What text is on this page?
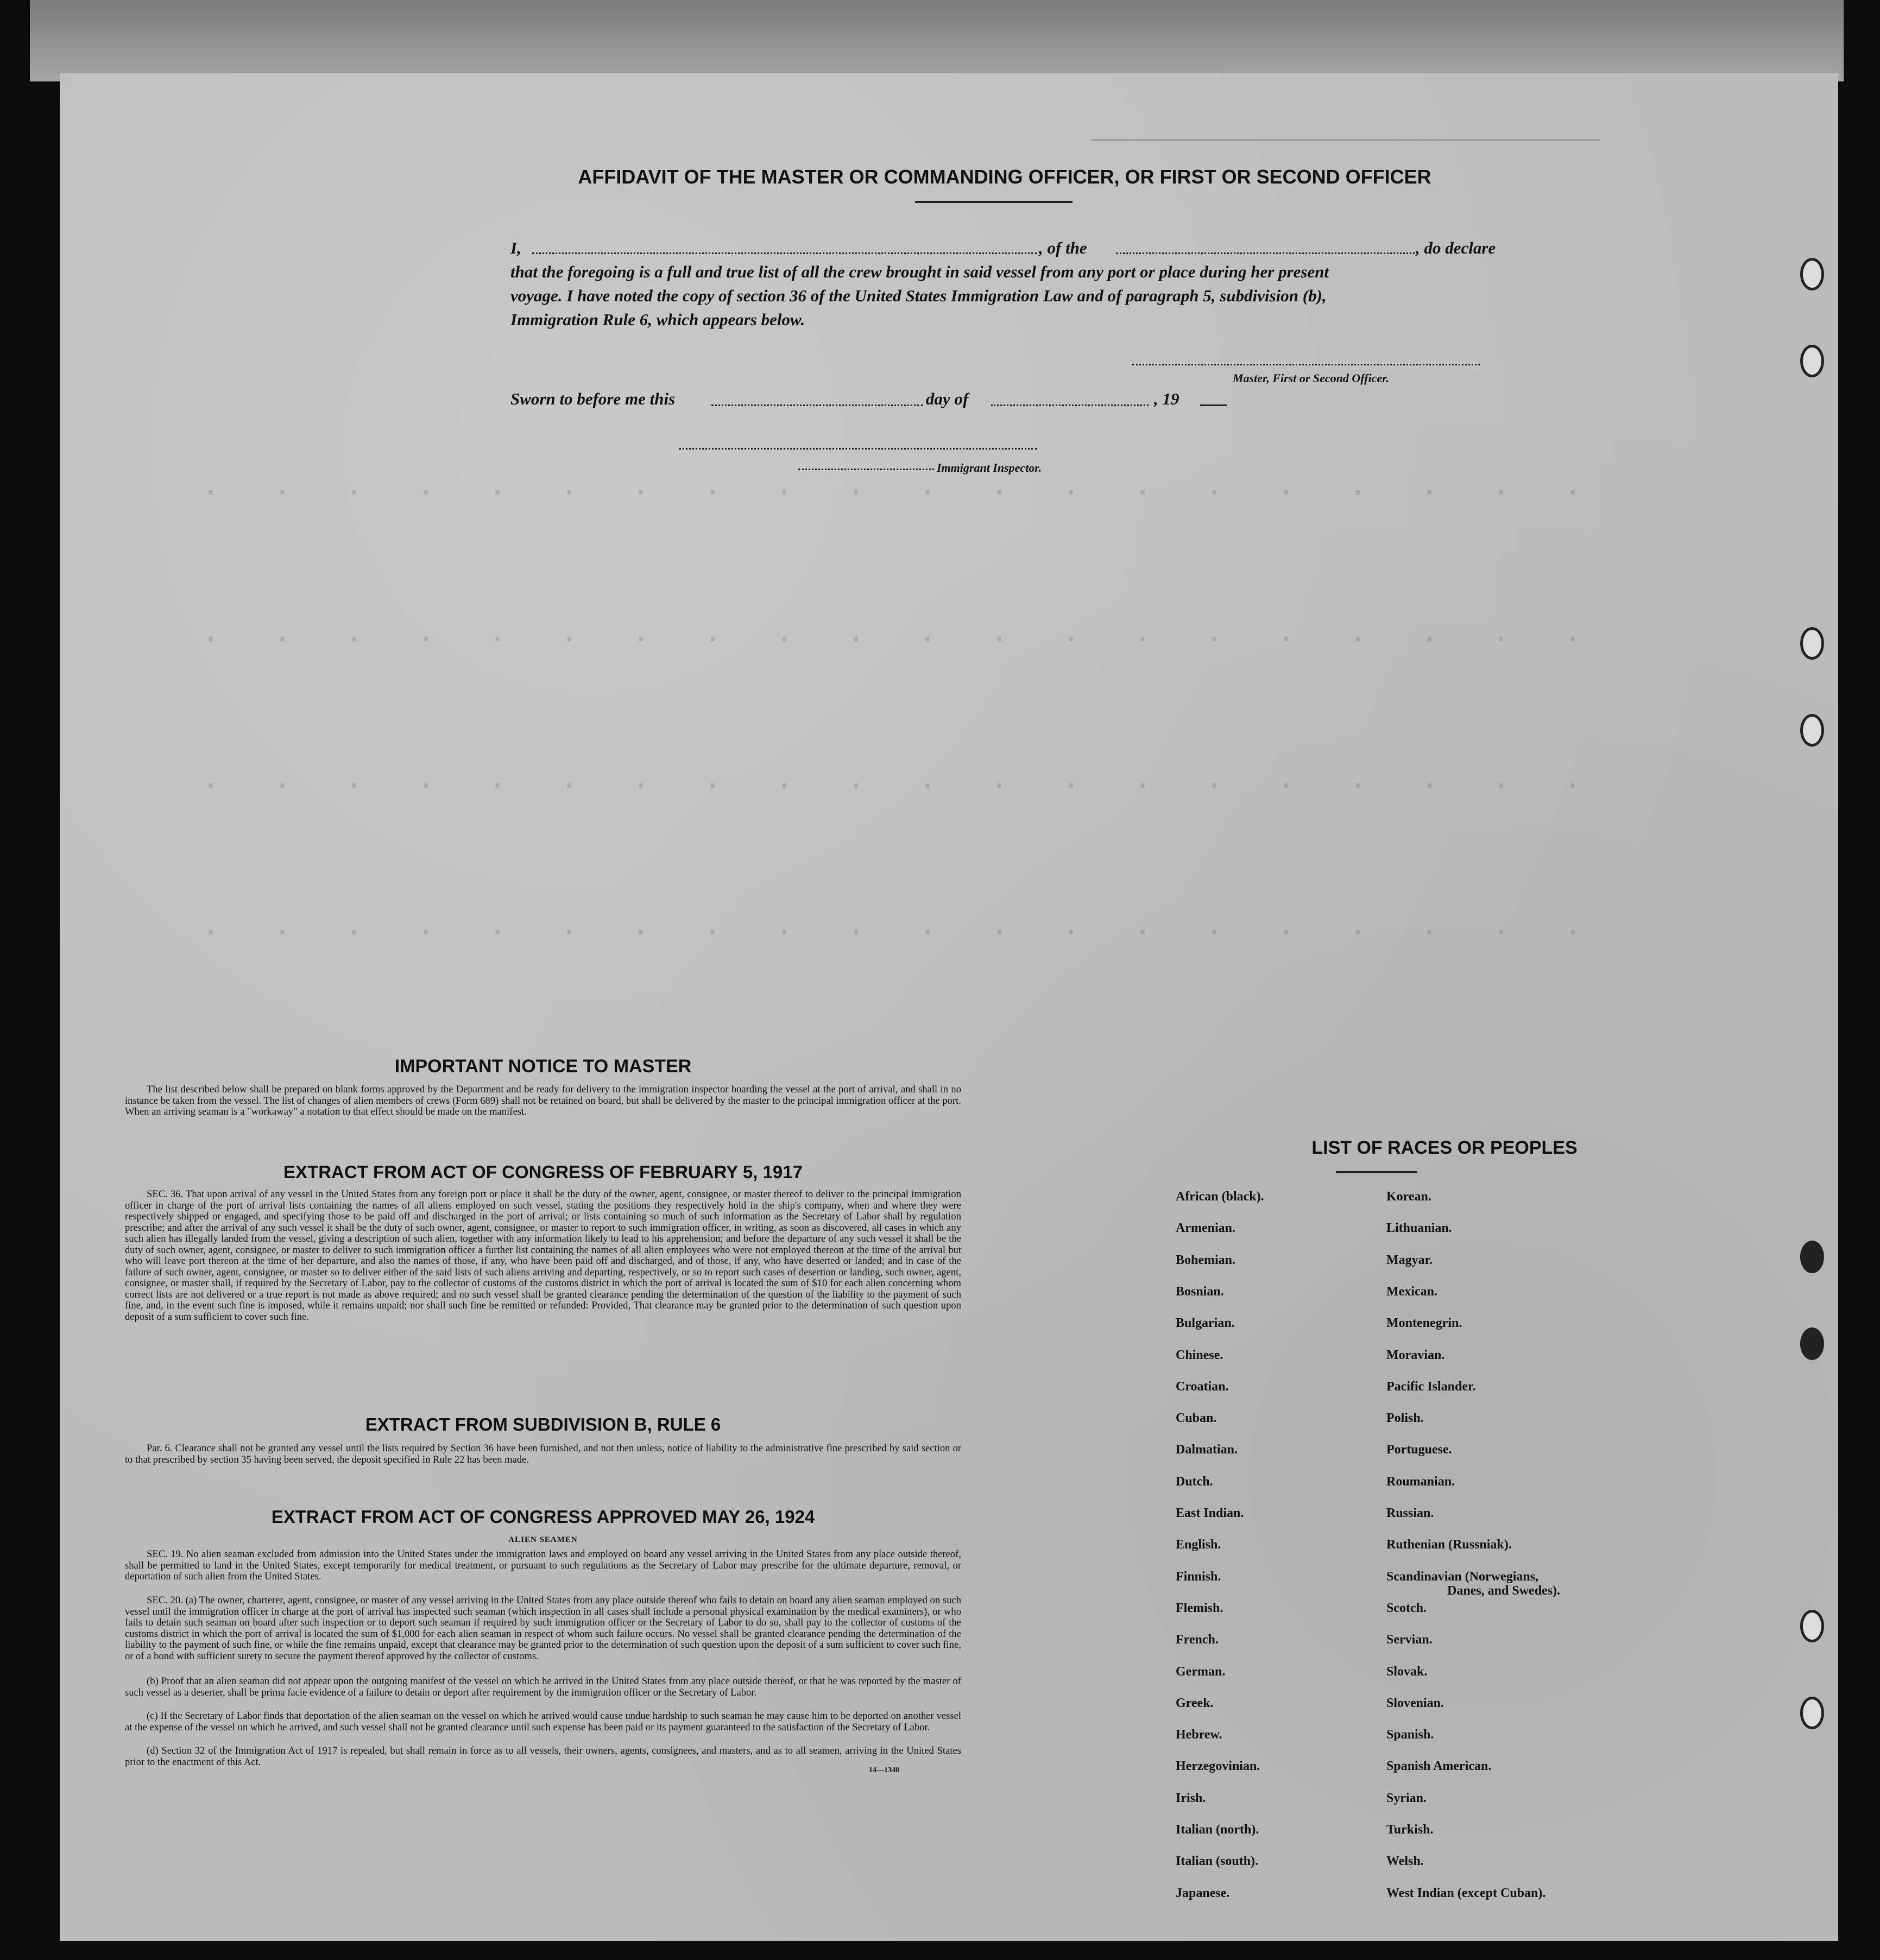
─────────────────────────────────
· · · · · · · · · · · · · · · · · · · ·
· · · · · · · · · · · · · · · · · · · ·
· · · · · · · · · · · · · · · · · · · ·
· · · · · · · · · · · · · · · · · · · ·
AFFIDAVIT OF THE MASTER OR COMMANDING OFFICER, OR FIRST OR SECOND OFFICER
I,	, of the	, do declare
that the foregoing is a full and true list of all the crew brought in said vessel from any port or place during her present
voyage. I have noted the copy of section 36 of the United States Immigration Law and of paragraph 5, subdivision (b),
Immigration Rule 6, which appears below.
Master, First or Second Officer.
Sworn to before me this	day of	, 19
Immigrant Inspector.
IMPORTANT NOTICE TO MASTER

The list described below shall be prepared on blank forms approved by the Department and be ready for delivery to the immigration inspector boarding the vessel at the port of arrival, and shall in no instance be taken from the vessel. The list of changes of alien members of crews (Form 689) shall not be retained on board, but shall be delivered by the master to the principal immigration officer at the port. When an arriving seaman is a "workaway" a notation to that effect should be made on the manifest.

EXTRACT FROM ACT OF CONGRESS OF FEBRUARY 5, 1917

SEC. 36. That upon arrival of any vessel in the United States from any foreign port or place it shall be the duty of the owner, agent, consignee, or master thereof to deliver to the principal immigration officer in charge of the port of arrival lists containing the names of all aliens employed on such vessel, stating the positions they respectively hold in the ship's company, when and where they were respectively shipped or engaged, and specifying those to be paid off and discharged in the port of arrival; or lists containing so much of such information as the Secretary of Labor shall by regulation prescribe; and after the arrival of any such vessel it shall be the duty of such owner, agent, consignee, or master to report to such immigration officer, in writing, as soon as discovered, all cases in which any such alien has illegally landed from the vessel, giving a description of such alien, together with any information likely to lead to his apprehension; and before the departure of any such vessel it shall be the duty of such owner, agent, consignee, or master to deliver to such immigration officer a further list containing the names of all alien employees who were not employed thereon at the time of the arrival but who will leave port thereon at the time of her departure, and also the names of those, if any, who have been paid off and discharged, and of those, if any, who have deserted or landed; and in case of the failure of such owner, agent, consignee, or master so to deliver either of the said lists of such aliens arriving and departing, respectively, or so to report such cases of desertion or landing, such owner, agent, consignee, or master shall, if required by the Secretary of Labor, pay to the collector of customs of the customs district in which the port of arrival is located the sum of $10 for each alien concerning whom correct lists are not delivered or a true report is not made as above required; and no such vessel shall be granted clearance pending the determination of the question of the liability to the payment of such fine, and, in the event such fine is imposed, while it remains unpaid; nor shall such fine be remitted or refunded: Provided, That clearance may be granted prior to the determination of such question upon deposit of a sum sufficient to cover such fine.

EXTRACT FROM SUBDIVISION B, RULE 6

Par. 6. Clearance shall not be granted any vessel until the lists required by Section 36 have been furnished, and not then unless, notice of liability to the administrative fine prescribed by said section or to that prescribed by section 35 having been served, the deposit specified in Rule 22 has been made.

EXTRACT FROM ACT OF CONGRESS APPROVED MAY 26, 1924
ALIEN SEAMEN

SEC. 19. No alien seaman excluded from admission into the United States under the immigration laws and employed on board any vessel arriving in the United States from any place outside thereof, shall be permitted to land in the United States, except temporarily for medical treatment, or pursuant to such regulations as the Secretary of Labor may prescribe for the ultimate departure, removal, or deportation of such alien from the United States.

SEC. 20. (a) The owner, charterer, agent, consignee, or master of any vessel arriving in the United States from any place outside thereof who fails to detain on board any alien seaman employed on such vessel until the immigration officer in charge at the port of arrival has inspected such seaman (which inspection in all cases shall include a personal physical examination by the medical examiners), or who fails to detain such seaman on board after such inspection or to deport such seaman if required by such immigration officer or the Secretary of Labor to do so, shall pay to the collector of customs of the customs district in which the port of arrival is located the sum of $1,000 for each alien seaman in respect of whom such failure occurs. No vessel shall be granted clearance pending the determination of the liability to the payment of such fine, or while the fine remains unpaid, except that clearance may be granted prior to the determination of such question upon the deposit of a sum sufficient to cover such fine, or of a bond with sufficient surety to secure the payment thereof approved by the collector of customs.

(b) Proof that an alien seaman did not appear upon the outgoing manifest of the vessel on which he arrived in the United States from any place outside thereof, or that he was reported by the master of such vessel as a deserter, shall be prima facie evidence of a failure to detain or deport after requirement by the immigration officer or the Secretary of Labor.

(c) If the Secretary of Labor finds that deportation of the alien seaman on the vessel on which he arrived would cause undue hardship to such seaman he may cause him to be deported on another vessel at the expense of the vessel on which he arrived, and such vessel shall not be granted clearance until such expense has been paid or its payment guaranteed to the satisfaction of the Secretary of Labor.

(d) Section 32 of the Immigration Act of 1917 is repealed, but shall remain in force as to all vessels, their owners, agents, consignees, and masters, and as to all seamen, arriving in the United States prior to the enactment of this Act.

14—1340
LIST OF RACES OR PEOPLES
African (black).
Armenian.
Bohemian.
Bosnian.
Bulgarian.
Chinese.
Croatian.
Cuban.
Dalmatian.
Dutch.
East Indian.
English.
Finnish.
Flemish.
French.
German.
Greek.
Hebrew.
Herzegovinian.
Irish.
Italian (north).
Italian (south).
Japanese.
Korean.
Lithuanian.
Magyar.
Mexican.
Montenegrin.
Moravian.
Pacific Islander.
Polish.
Portuguese.
Roumanian.
Russian.
Ruthenian (Russniak).
Scandinavian (Norwegians,
Danes, and Swedes).
Scotch.
Servian.
Slovak.
Slovenian.
Spanish.
Spanish American.
Syrian.
Turkish.
Welsh.
West Indian (except Cuban).
